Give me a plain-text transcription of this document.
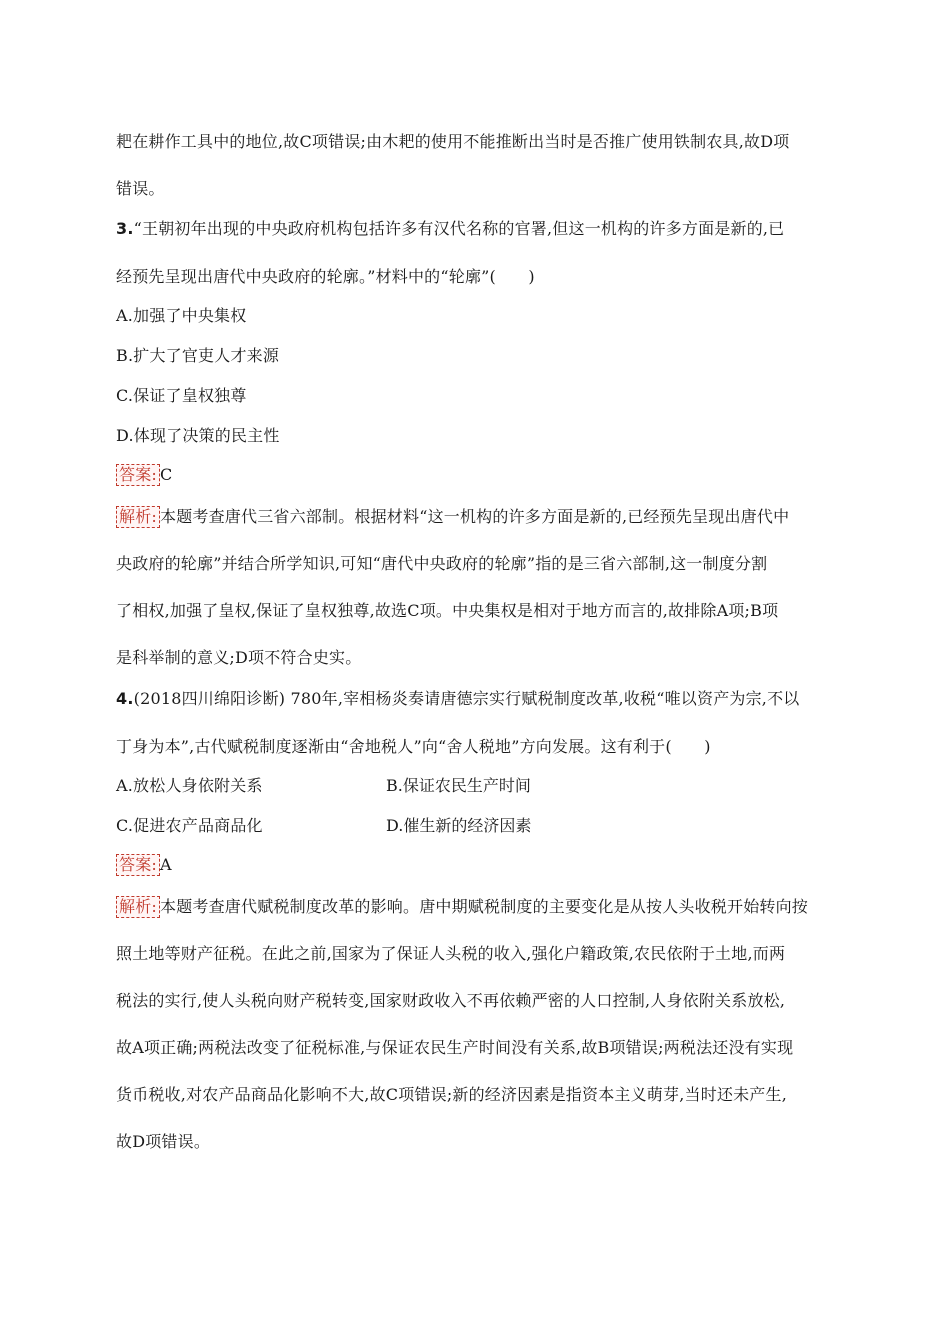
耙在耕作工具中的地位,故C项错误;由木耙的使用不能推断出当时是否推广使用铁制农具,故D项
错误。
3.“王朝初年出现的中央政府机构包括许多有汉代名称的官署,但这一机构的许多方面是新的,已
经预先呈现出唐代中央政府的轮廓。”材料中的“轮廓”(　　)
A.加强了中央集权
B.扩大了官吏人才来源
C.保证了皇权独尊
D.体现了决策的民主性
答案: C
解析: 本题考查唐代三省六部制。根据材料“这一机构的许多方面是新的,已经预先呈现出唐代中
央政府的轮廓”并结合所学知识,可知“唐代中央政府的轮廓”指的是三省六部制,这一制度分割
了相权,加强了皇权,保证了皇权独尊,故选C项。中央集权是相对于地方而言的,故排除A项;B项
是科举制的意义;D项不符合史实。
4.(2018四川绵阳诊断) 780年,宰相杨炎奏请唐德宗实行赋税制度改革,收税“唯以资产为宗,不以
丁身为本”,古代赋税制度逐渐由“舍地税人”向“舍人税地”方向发展。这有利于(　　)
A.放松人身依附关系	B.保证农民生产时间
C.促进农产品商品化	D.催生新的经济因素
答案: A
解析: 本题考查唐代赋税制度改革的影响。唐中期赋税制度的主要变化是从按人头收税开始转向按
照土地等财产征税。在此之前,国家为了保证人头税的收入,强化户籍政策,农民依附于土地,而两
税法的实行,使人头税向财产税转变,国家财政收入不再依赖严密的人口控制,人身依附关系放松,
故A项正确;两税法改变了征税标准,与保证农民生产时间没有关系,故B项错误;两税法还没有实现
货币税收,对农产品商品化影响不大,故C项错误;新的经济因素是指资本主义萌芽,当时还未产生,
故D项错误。
